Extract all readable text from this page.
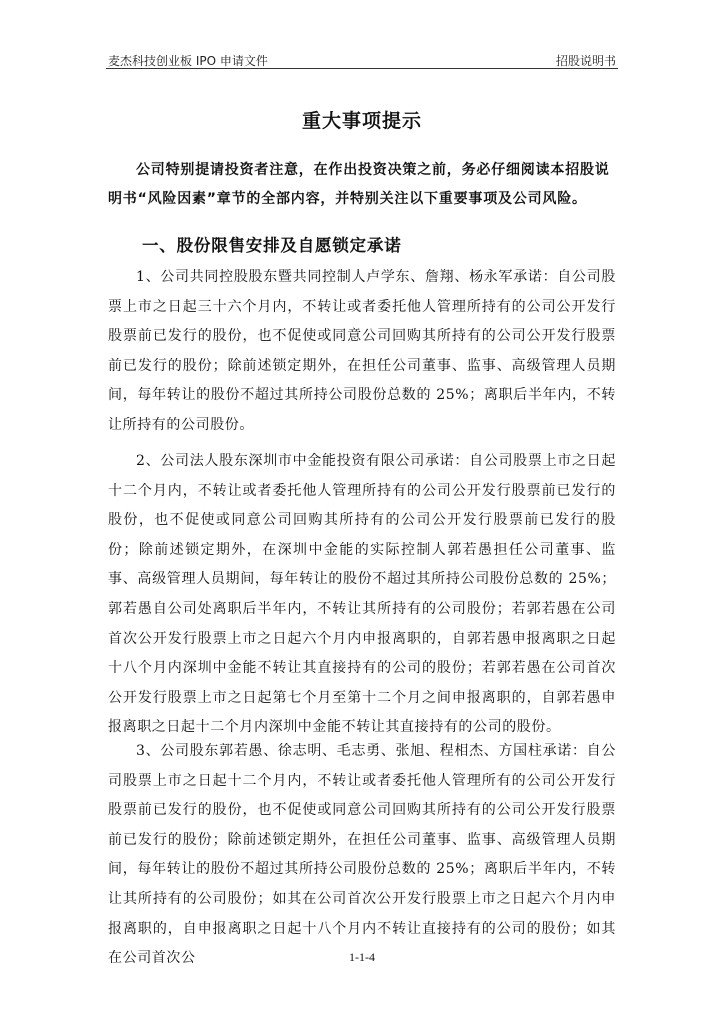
麦杰科技创业板 IPO 申请文件	招股说明书
重大事项提示

公司特别提请投资者注意，在作出投资决策之前，务必仔细阅读本招股说明书“风险因素”章节的全部内容，并特别关注以下重要事项及公司风险。

一、股份限售安排及自愿锁定承诺

1、公司共同控股股东暨共同控制人卢学东、詹翔、杨永军承诺：自公司股票上市之日起三十六个月内，不转让或者委托他人管理所持有的公司公开发行股票前已发行的股份，也不促使或同意公司回购其所持有的公司公开发行股票前已发行的股份；除前述锁定期外，在担任公司董事、监事、高级管理人员期间，每年转让的股份不超过其所持公司股份总数的 25%；离职后半年内，不转让所持有的公司股份。

2、公司法人股东深圳市中金能投资有限公司承诺：自公司股票上市之日起十二个月内，不转让或者委托他人管理所持有的公司公开发行股票前已发行的股份，也不促使或同意公司回购其所持有的公司公开发行股票前已发行的股份；除前述锁定期外，在深圳中金能的实际控制人郭若愚担任公司董事、监事、高级管理人员期间，每年转让的股份不超过其所持公司股份总数的 25%；郭若愚自公司处离职后半年内，不转让其所持有的公司股份；若郭若愚在公司首次公开发行股票上市之日起六个月内申报离职的，自郭若愚申报离职之日起十八个月内深圳中金能不转让其直接持有的公司的股份；若郭若愚在公司首次公开发行股票上市之日起第七个月至第十二个月之间申报离职的，自郭若愚申报离职之日起十二个月内深圳中金能不转让其直接持有的公司的股份。

3、公司股东郭若愚、徐志明、毛志勇、张旭、程相杰、方国柱承诺：自公司股票上市之日起十二个月内，不转让或者委托他人管理所有的公司公开发行股票前已发行的股份，也不促使或同意公司回购其所持有的公司公开发行股票前已发行的股份；除前述锁定期外，在担任公司董事、监事、高级管理人员期间，每年转让的股份不超过其所持公司股份总数的 25%；离职后半年内，不转让其所持有的公司股份；如其在公司首次公开发行股票上市之日起六个月内申报离职的，自申报离职之日起十八个月内不转让直接持有的公司的股份；如其在公司首次公	1-1-4
